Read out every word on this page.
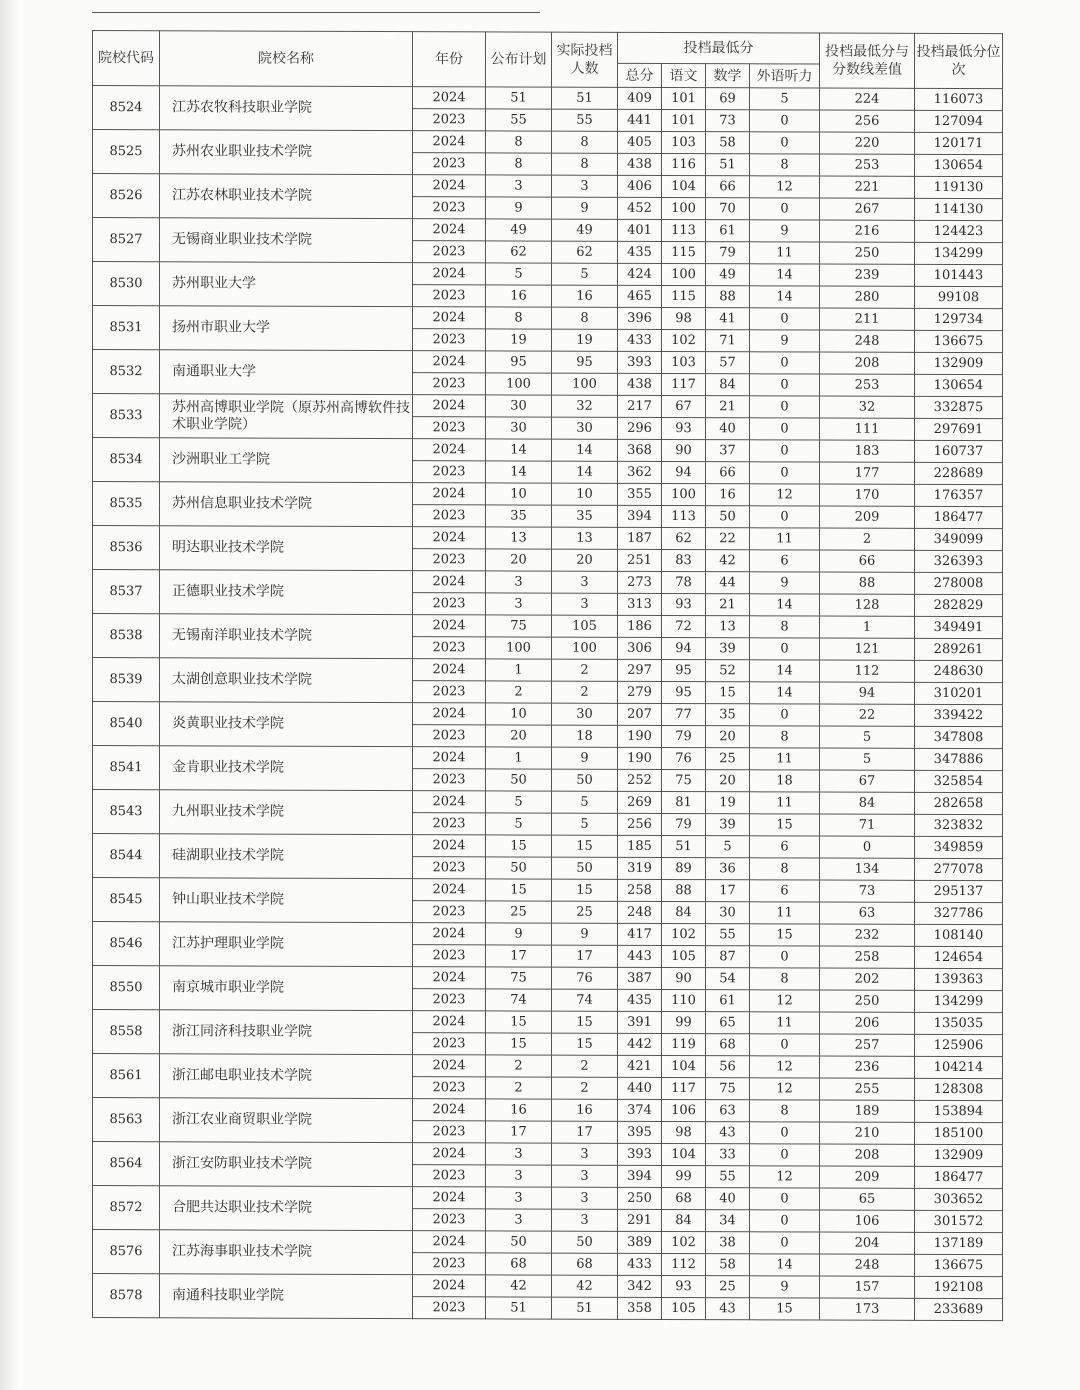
院校代码	院校名称	年份	公布计划	实际投档人数	投档最低分				投档最低分与分数线差值	投档最低分位次
					总分	语文	数学	外语听力		
8524	江苏农牧科技职业学院	2024	51	51	409	101	69	5	224	116073
		2023	55	55	441	101	73	0	256	127094
8525	苏州农业职业技术学院	2024	8	8	405	103	58	0	220	120171
		2023	8	8	438	116	51	8	253	130654
8526	江苏农林职业技术学院	2024	3	3	406	104	66	12	221	119130
		2023	9	9	452	100	70	0	267	114130
8527	无锡商业职业技术学院	2024	49	49	401	113	61	9	216	124423
		2023	62	62	435	115	79	11	250	134299
8530	苏州职业大学	2024	5	5	424	100	49	14	239	101443
		2023	16	16	465	115	88	14	280	99108
8531	扬州市职业大学	2024	8	8	396	98	41	0	211	129734
		2023	19	19	433	102	71	9	248	136675
8532	南通职业大学	2024	95	95	393	103	57	0	208	132909
		2023	100	100	438	117	84	0	253	130654
8533	苏州高博职业学院（原苏州高博软件技术职业学院）	2024	30	32	217	67	21	0	32	332875
		2023	30	30	296	93	40	0	111	297691
8534	沙洲职业工学院	2024	14	14	368	90	37	0	183	160737
		2023	14	14	362	94	66	0	177	228689
8535	苏州信息职业技术学院	2024	10	10	355	100	16	12	170	176357
		2023	35	35	394	113	50	0	209	186477
8536	明达职业技术学院	2024	13	13	187	62	22	11	2	349099
		2023	20	20	251	83	42	6	66	326393
8537	正德职业技术学院	2024	3	3	273	78	44	9	88	278008
		2023	3	3	313	93	21	14	128	282829
8538	无锡南洋职业技术学院	2024	75	105	186	72	13	8	1	349491
		2023	100	100	306	94	39	0	121	289261
8539	太湖创意职业技术学院	2024	1	2	297	95	52	14	112	248630
		2023	2	2	279	95	15	14	94	310201
8540	炎黄职业技术学院	2024	10	30	207	77	35	0	22	339422
		2023	20	18	190	79	20	8	5	347808
8541	金肯职业技术学院	2024	1	9	190	76	25	11	5	347886
		2023	50	50	252	75	20	18	67	325854
8543	九州职业技术学院	2024	5	5	269	81	19	11	84	282658
		2023	5	5	256	79	39	15	71	323832
8544	硅湖职业技术学院	2024	15	15	185	51	5	6	0	349859
		2023	50	50	319	89	36	8	134	277078
8545	钟山职业技术学院	2024	15	15	258	88	17	6	73	295137
		2023	25	25	248	84	30	11	63	327786
8546	江苏护理职业学院	2024	9	9	417	102	55	15	232	108140
		2023	17	17	443	105	87	0	258	124654
8550	南京城市职业学院	2024	75	76	387	90	54	8	202	139363
		2023	74	74	435	110	61	12	250	134299
8558	浙江同济科技职业学院	2024	15	15	391	99	65	11	206	135035
		2023	15	15	442	119	68	0	257	125906
8561	浙江邮电职业技术学院	2024	2	2	421	104	56	12	236	104214
		2023	2	2	440	117	75	12	255	128308
8563	浙江农业商贸职业学院	2024	16	16	374	106	63	8	189	153894
		2023	17	17	395	98	43	0	210	185100
8564	浙江安防职业技术学院	2024	3	3	393	104	33	0	208	132909
		2023	3	3	394	99	55	12	209	186477
8572	合肥共达职业技术学院	2024	3	3	250	68	40	0	65	303652
		2023	3	3	291	84	34	0	106	301572
8576	江苏海事职业技术学院	2024	50	50	389	102	38	0	204	137189
		2023	68	68	433	112	58	14	248	136675
8578	南通科技职业学院	2024	42	42	342	93	25	9	157	192108
		2023	51	51	358	105	43	15	173	233689
